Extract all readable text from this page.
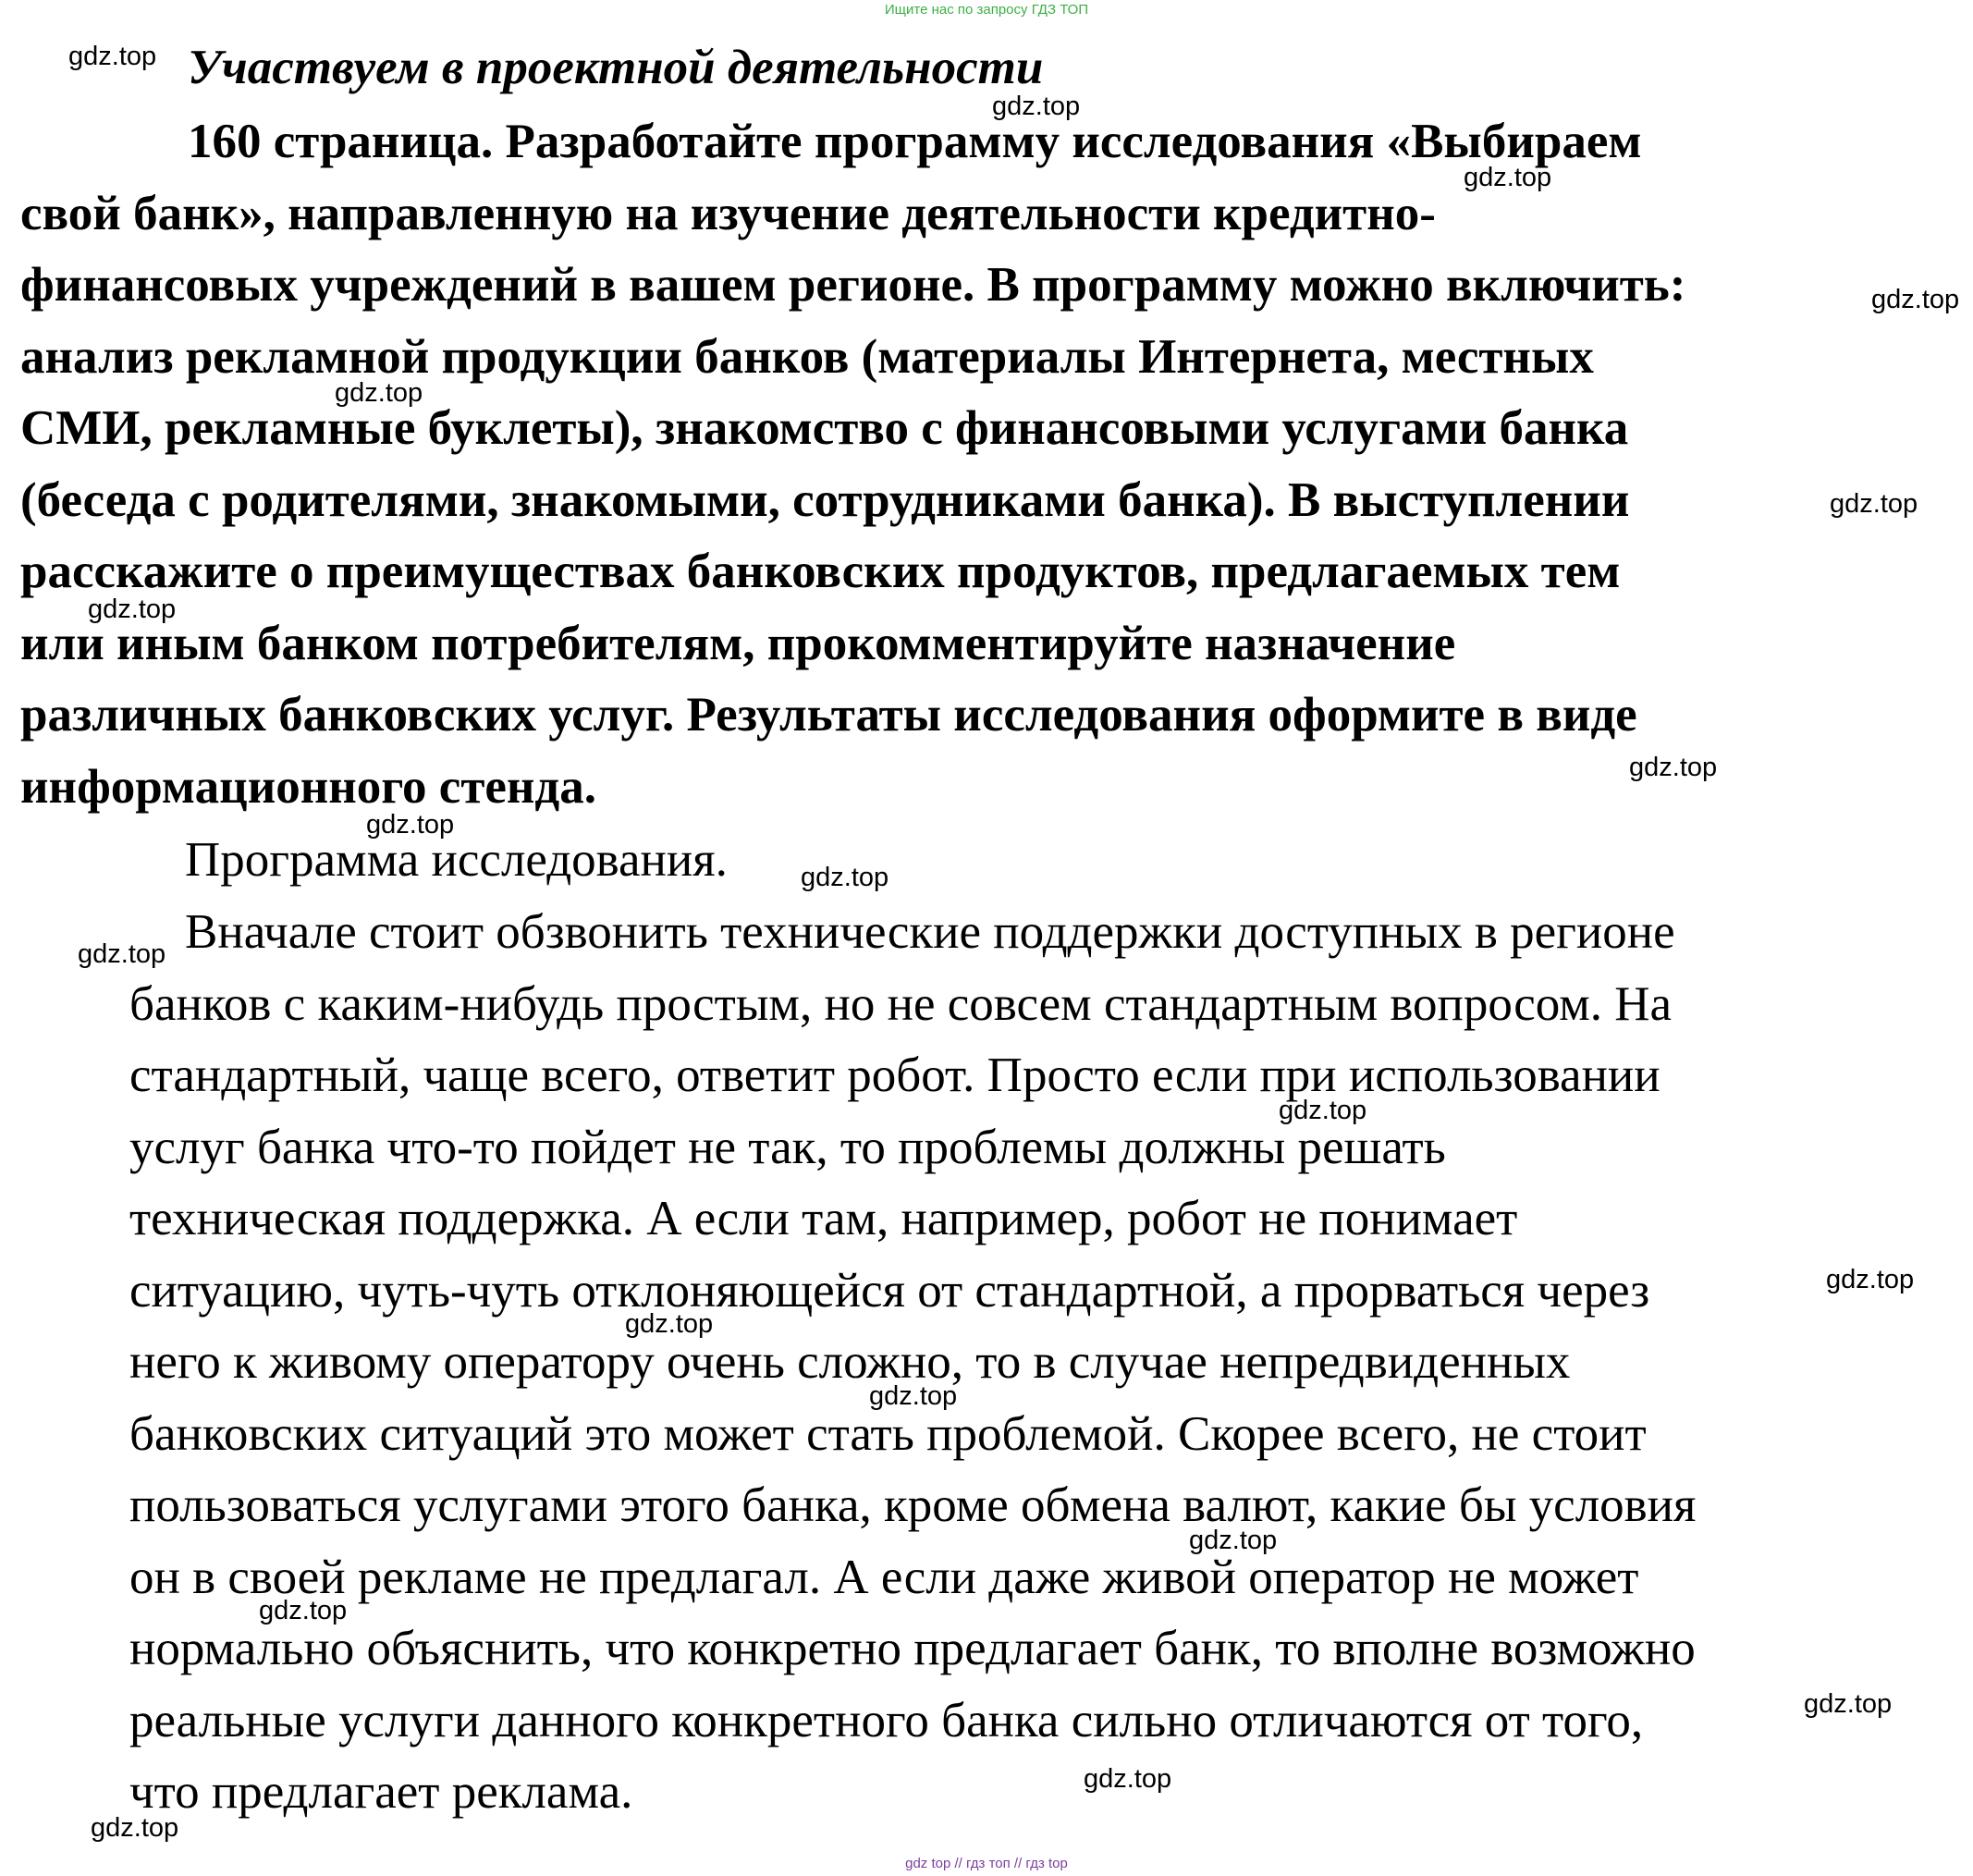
Ищите нас по запросу ГДЗ ТОП

Участвуем в проектной деятельности
160 страница. Разработайте программу исследования «Выбираем
свой банк», направленную на изучение деятельности кредитно-
финансовых учреждений в вашем регионе. В программу можно включить:
анализ рекламной продукции банков (материалы Интернета, местных
СМИ, рекламные буклеты), знакомство с финансовыми услугами банка
(беседа с родителями, знакомыми, сотрудниками банка). В выступлении
расскажите о преимуществах банковских продуктов, предлагаемых тем
или иным банком потребителям, прокомментируйте назначение
различных банковских услуг. Результаты исследования оформите в виде
информационного стенда.

Программа исследования.

Вначале стоит обзвонить технические поддержки доступных в регионе
банков с каким-нибудь простым, но не совсем стандартным вопросом. На
стандартный, чаще всего, ответит робот. Просто если при использовании
услуг банка что-то пойдет не так, то проблемы должны решать
техническая поддержка. А если там, например, робот не понимает
ситуацию, чуть-чуть отклоняющейся от стандартной, а прорваться через
него к живому оператору очень сложно, то в случае непредвиденных
банковских ситуаций это может стать проблемой. Скорее всего, не стоит
пользоваться услугами этого банка, кроме обмена валют, какие бы условия
он в своей рекламе не предлагал. А если даже живой оператор не может
нормально объяснить, что конкретно предлагает банк, то вполне возможно
реальные услуги данного конкретного банка сильно отличаются от того,
что предлагает реклама.
gdz.top
gdz.top
gdz.top
gdz.top
gdz.top
gdz.top
gdz.top
gdz.top
gdz.top
gdz.top
gdz.top
gdz.top
gdz.top
gdz.top
gdz.top
gdz.top
gdz.top
gdz.top
gdz.top
gdz.top

gdz top // гдз топ // гдз top
